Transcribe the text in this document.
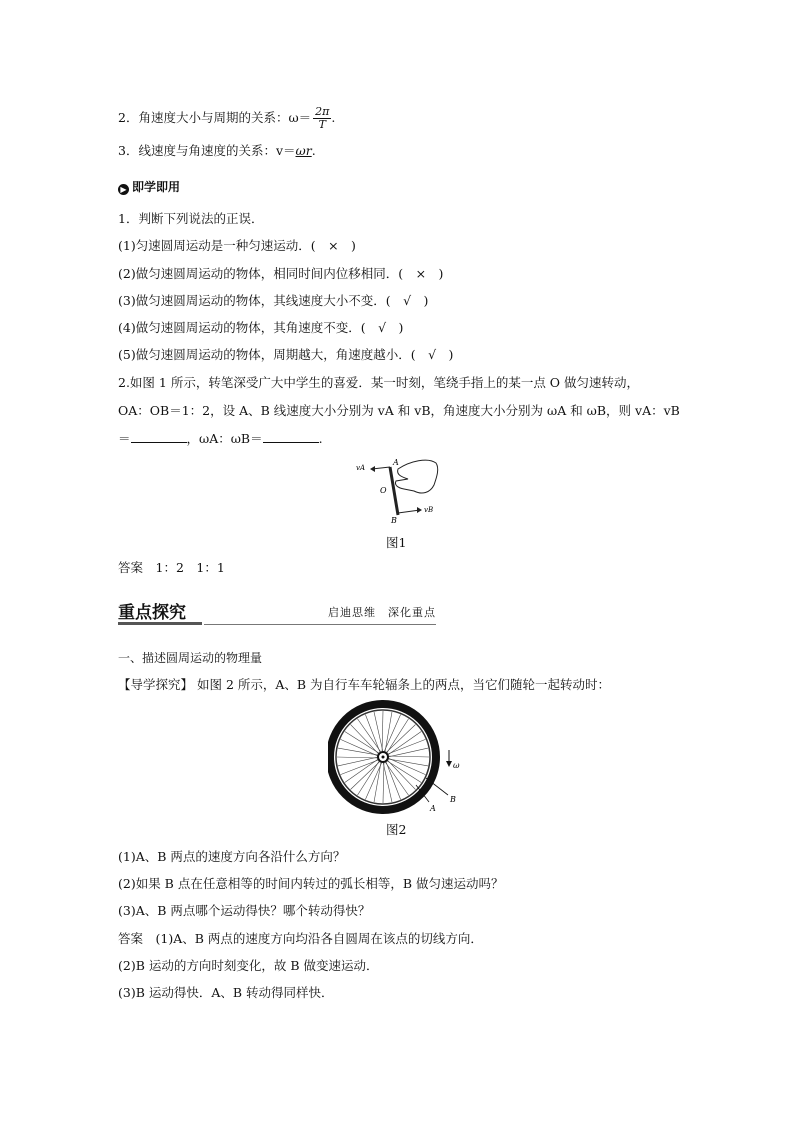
2．角速度大小与周期的关系：$\omega= \frac{2\pi}{T}$ .
3．线速度与角速度的关系：v＝ωr.
▶ 即学即用
1．判断下列说法的正误．
(1)匀速圆周运动是一种匀速运动．(　×　)
(2)做匀速圆周运动的物体，相同时间内位移相同．(　×　)
(3)做匀速圆周运动的物体，其线速度大小不变．(　√　)
(4)做匀速圆周运动的物体，其角速度不变．(　√　)
(5)做匀速圆周运动的物体，周期越大，角速度越小．(　√　)
2.如图 1 所示，转笔深受广大中学生的喜爱．某一时刻，笔绕手指上的某一点 O 做匀速转动，
OA：OB＝1：2，设 A、B 线速度大小分别为 vA 和 vB，角速度大小分别为 ωA 和 ωB，则 vA：vB
＝	，ωA：ωB＝	.
vA
A
O
B
vB
图1
答案　1：2　1：1
重点探究	启迪思维　深化重点
一、描述圆周运动的物理量
【导学探究】 如图 2 所示，A、B 为自行车车轮辐条上的两点，当它们随轮一起转动时：
ω
A
B
图2
(1)A、B 两点的速度方向各沿什么方向？
(2)如果 B 点在任意相等的时间内转过的弧长相等，B 做匀速运动吗？
(3)A、B 两点哪个运动得快？哪个转动得快？
答案　(1)A、B 两点的速度方向均沿各自圆周在该点的切线方向．
(2)B 运动的方向时刻变化，故 B 做变速运动．
(3)B 运动得快．A、B 转动得同样快．
